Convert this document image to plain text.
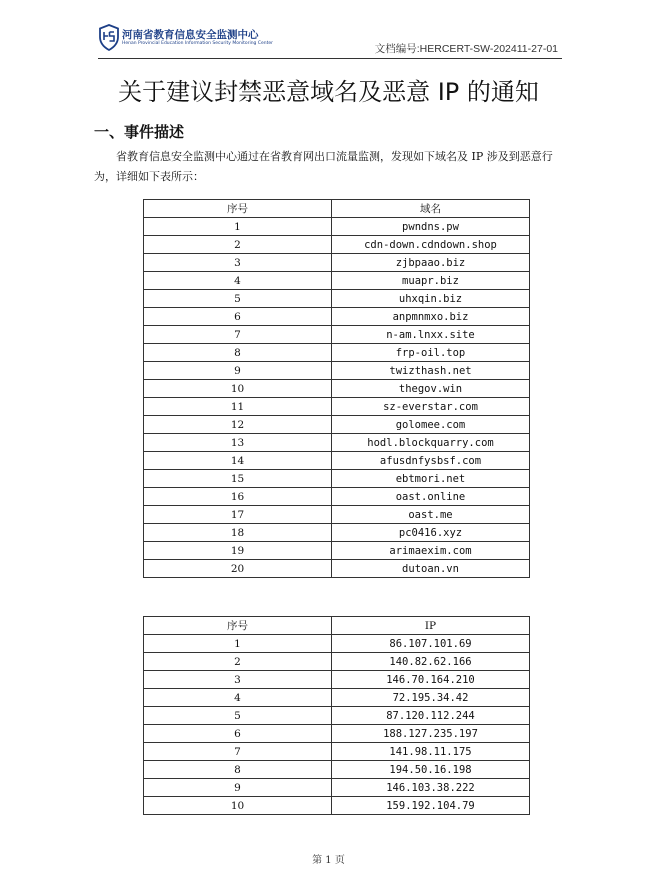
河南省教育信息安全监测中心
Henan Provincial Education Information Security Monitoring Center	文档编号:HERCERT-SW-202411-27-01
关于建议封禁恶意域名及恶意 IP 的通知
一、事件描述
省教育信息安全监测中心通过在省教育网出口流量监测，发现如下域名及 IP 涉及到恶意行为，详细如下表所示：
序号	域名
1	pwndns.pw
2	cdn-down.cdndown.shop
3	zjbpaao.biz
4	muapr.biz
5	uhxqin.biz
6	anpmnmxo.biz
7	n-am.lnxx.site
8	frp-oil.top
9	twizthash.net
10	thegov.win
11	sz-everstar.com
12	golomee.com
13	hodl.blockquarry.com
14	afusdnfysbsf.com
15	ebtmori.net
16	oast.online
17	oast.me
18	pc0416.xyz
19	arimaexim.com
20	dutoan.vn
序号	IP
1	86.107.101.69
2	140.82.62.166
3	146.70.164.210
4	72.195.34.42
5	87.120.112.244
6	188.127.235.197
7	141.98.11.175
8	194.50.16.198
9	146.103.38.222
10	159.192.104.79
第 1 页
